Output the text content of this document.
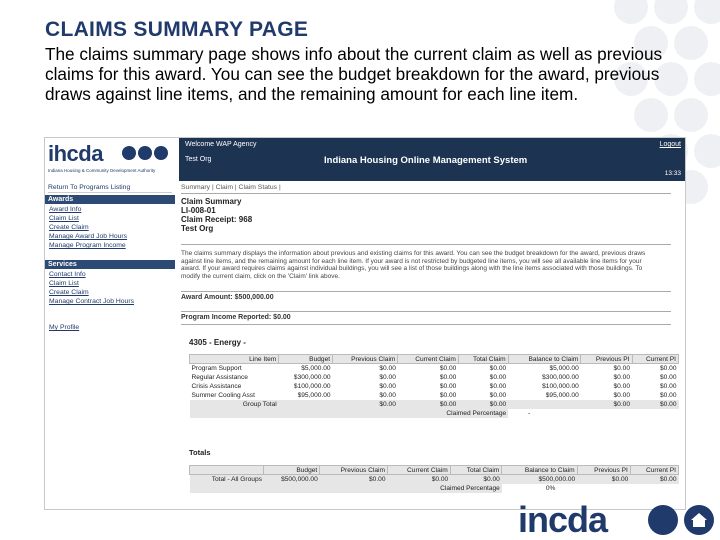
CLAIMS SUMMARY PAGE
The claims summary page shows info about the current claim as well as previous claims for this award. You can see the budget breakdown for the award, previous draws against line items, and the remaining amount for each line item.
ihcda
Indiana Housing & Community Development Authority
Welcome WAP Agency
Test Org	Indiana Housing Online Management System
Logout
13:33
Return To Programs Listing
Awards
Award Info
Claim List
Create Claim
Manage Award Job Hours
Manage Program Income
Services
Contact Info
Claim List
Create Claim
Manage Contract Job Hours
My Profile
Summary | Claim | Claim Status |
Claim Summary
LI-008-01
Claim Receipt: 968
Test Org
The claims summary displays the information about previous and existing claims for this award. You can see the budget breakdown for the award, previous draws against line items, and the remaining amount for each line item. If your award is not restricted by budgeted line items, you will see all available line items for your award. If your award requires claims against individual buildings, you will see a list of those buildings along with the line items associated with those buildings. To modify the current claim, click on the 'Claim' link above.
Award Amount: $500,000.00
Program Income Reported: $0.00
4305 - Energy -
Line Item	Budget	Previous Claim	Current Claim	Total Claim	Balance to Claim	Previous PI	Current PI
Program Support	$5,000.00	$0.00	$0.00	$0.00	$5,000.00	$0.00	$0.00
Regular Assistance	$300,000.00	$0.00	$0.00	$0.00	$300,000.00	$0.00	$0.00
Crisis Assistance	$100,000.00	$0.00	$0.00	$0.00	$100,000.00	$0.00	$0.00
Summer Cooling Asst	$95,000.00	$0.00	$0.00	$0.00	$95,000.00	$0.00	$0.00
Group Total		$0.00	$0.00	$0.00		$0.00	$0.00
Claimed Percentage					-		
Totals
	Budget	Previous Claim	Current Claim	Total Claim	Balance to Claim	Previous PI	Current PI
Total - All Groups	$500,000.00	$0.00	$0.00	$0.00	$500,000.00	$0.00	$0.00
Claimed Percentage					0%		
incda
